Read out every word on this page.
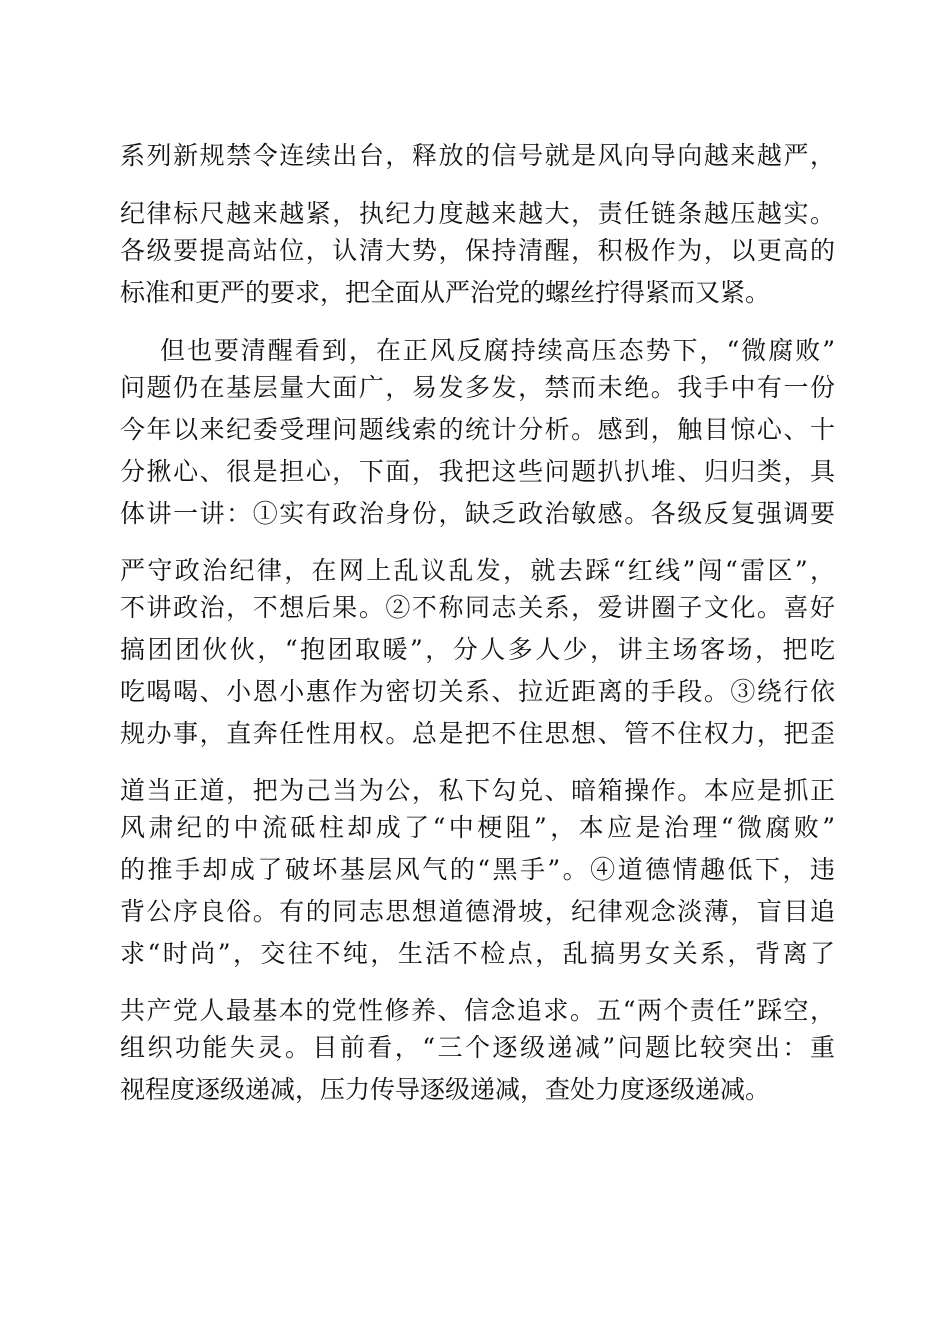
系列新规禁令连续出台，释放的信号就是风向导向越来越严，
纪律标尺越来越紧，执纪力度越来越大，责任链条越压越实。
各级要提高站位，认清大势，保持清醒，积极作为，以更高的
标准和更严的要求，把全面从严治党的螺丝拧得紧而又紧。
但也要清醒看到，在正风反腐持续高压态势下，“微腐败”
问题仍在基层量大面广，易发多发，禁而未绝。我手中有一份
今年以来纪委受理问题线索的统计分析。感到，触目惊心、十
分揪心、很是担心，下面，我把这些问题扒扒堆、归归类，具
体讲一讲：①实有政治身份，缺乏政治敏感。各级反复强调要
严守政治纪律，在网上乱议乱发，就去踩“红线”闯“雷区”，
不讲政治，不想后果。②不称同志关系，爱讲圈子文化。喜好
搞团团伙伙，“抱团取暖”，分人多人少，讲主场客场，把吃
吃喝喝、小恩小惠作为密切关系、拉近距离的手段。③绕行依
规办事，直奔任性用权。总是把不住思想、管不住权力，把歪
道当正道，把为己当为公，私下勾兑、暗箱操作。本应是抓正
风肃纪的中流砥柱却成了“中梗阻”，本应是治理“微腐败”
的推手却成了破坏基层风气的“黑手”。④道德情趣低下，违
背公序良俗。有的同志思想道德滑坡，纪律观念淡薄，盲目追
求“时尚”，交往不纯，生活不检点，乱搞男女关系，背离了
共产党人最基本的党性修养、信念追求。五“两个责任”踩空，
组织功能失灵。目前看，“三个逐级递减”问题比较突出：重
视程度逐级递减，压力传导逐级递减，查处力度逐级递减。
